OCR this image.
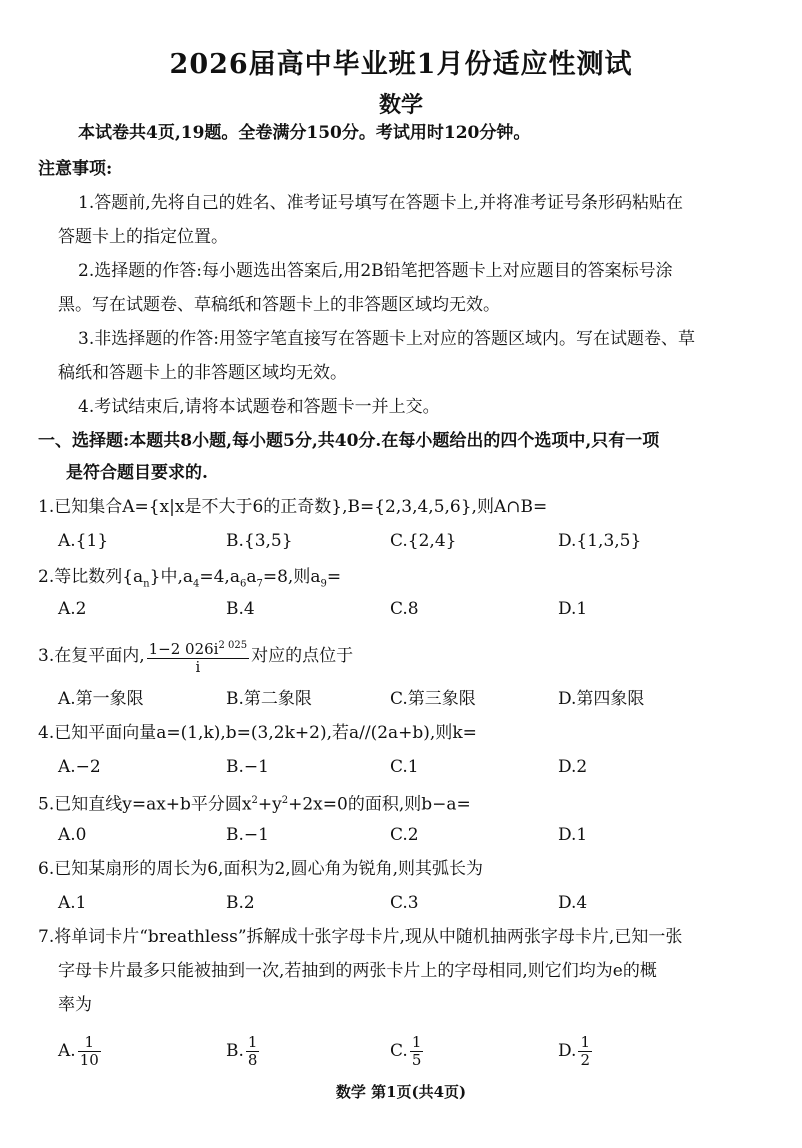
2026届高中毕业班1月份适应性测试
数学
本试卷共4页,19题。全卷满分150分。考试用时120分钟。
注意事项:
1.答题前,先将自己的姓名、准考证号填写在答题卡上,并将准考证号条形码粘贴在
答题卡上的指定位置。
2.选择题的作答:每小题选出答案后,用2B铅笔把答题卡上对应题目的答案标号涂
黑。写在试题卷、草稿纸和答题卡上的非答题区域均无效。
3.非选择题的作答:用签字笔直接写在答题卡上对应的答题区域内。写在试题卷、草
稿纸和答题卡上的非答题区域均无效。
4.考试结束后,请将本试题卷和答题卡一并上交。
一、选择题:本题共8小题,每小题5分,共40分.在每小题给出的四个选项中,只有一项
是符合题目要求的.
1.已知集合A={x|x是不大于6的正奇数},B={2,3,4,5,6},则A∩B=
A.{1}	B.{3,5}	C.{2,4}	D.{1,3,5}
2.等比数列$\{a_n\}$中$,a_4=4,a_6a_7=8$,则$a_9=$
A.2	B.4	C.8	D.1
3.在复平面内, $\frac{1-2 026i^{2 025}}{i}$ 对应的点位于
A.第一象限	B.第二象限	C.第三象限	D.第四象限
4.已知平面向量a=(1,k),b=(3,2k+2),若a//(2a+b),则k=
A.−2	B.−1	C.1	D.2
5.已知直线y=ax+b平分圆$x^2+y^2+2x=0$的面积,则b−a=
A.0	B.−1	C.2	D.1
6.已知某扇形的周长为6,面积为2,圆心角为锐角,则其弧长为
A.1	B.2	C.3	D.4
7.将单词卡片“breathless”拆解成十张字母卡片,现从中随机抽两张字母卡片,已知一张
字母卡片最多只能被抽到一次,若抽到的两张卡片上的字母相同,则它们均为e的概
率为
A. $\frac{1}{10}$	B. $\frac{1}{8}$	C. $\frac{1}{5}$	D. $\frac{1}{2}$
数学 第1页(共4页)
